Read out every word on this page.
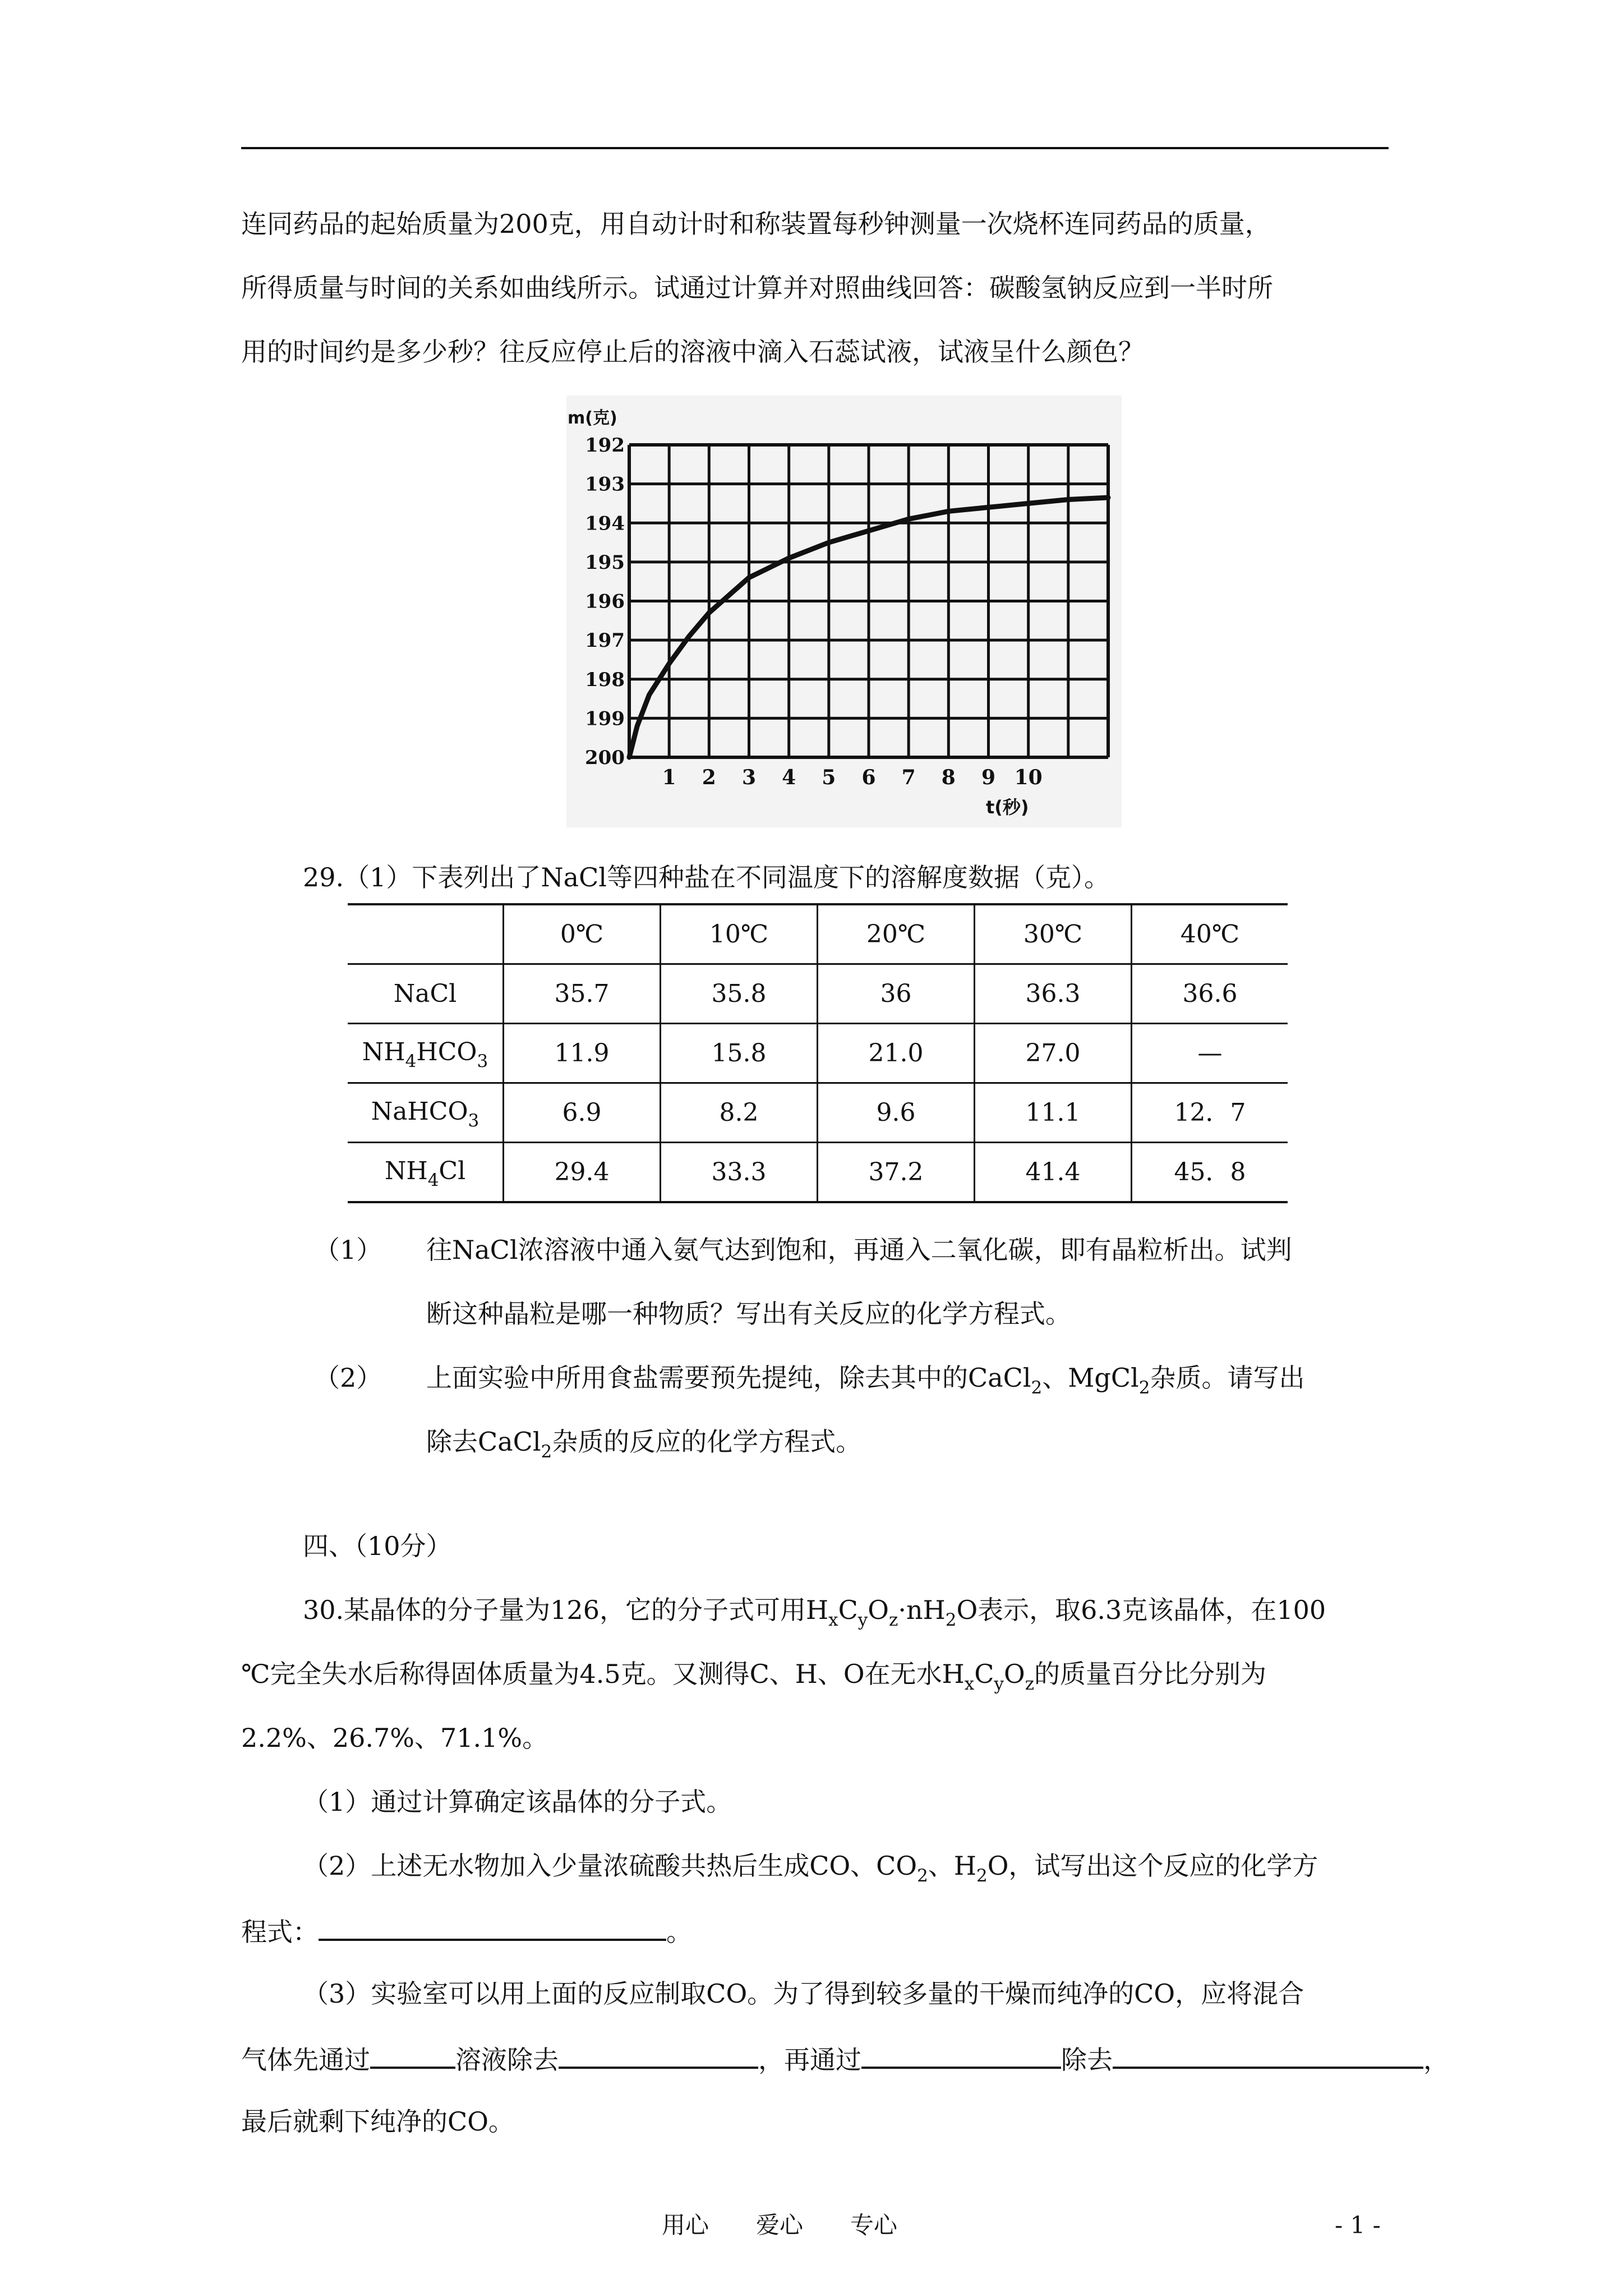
连同药品的起始质量为200克，用自动计时和称装置每秒钟测量一次烧杯连同药品的质量，
所得质量与时间的关系如曲线所示。试通过计算并对照曲线回答：碳酸氢钠反应到一半时所
用的时间约是多少秒？往反应停止后的溶液中滴入石蕊试液，试液呈什么颜色？
m(克)
t(秒)
192
193
194
195
196
197
198
199
200
1 2 3 4 5 6 7 8 9 10
29.（1）下表列出了NaCl等四种盐在不同温度下的溶解度数据（克）。
	0℃	10℃	20℃	30℃	40℃
NaCl	35.7	35.8	36	36.3	36.6
$NH_4HCO_3$	11.9	15.8	21.0	27.0	—
NaHCO$_3$	6.9	8.2	9.6	11.1	12．7
$NH_4Cl$	29.4	33.3	37.2	41.4	45．8
（1） 往NaCl浓溶液中通入氨气达到饱和，再通入二氧化碳，即有晶粒析出。试判
断这种晶粒是哪一种物质？写出有关反应的化学方程式。
（2） 上面实验中所用食盐需要预先提纯，除去其中的CaCl$_2$、MgCl$_2$杂质。请写出
除去CaCl$_2$杂质的反应的化学方程式。
四、（10分）
30.某晶体的分子量为126，它的分子式可用$H_xC_yO_z\cdot nH_2O$表示，取6.3克该晶体，在100
℃完全失水后称得固体质量为4.5克。又测得C、H、O在无水$H_xC_yO_z$的质量百分比分别为
2.2%、26.7%、71.1%。
（1）通过计算确定该晶体的分子式。
（2）上述无水物加入少量浓硫酸共热后生成CO、$CO_2$、$H_2O$，试写出这个反应的化学方
程式：	。
（3）实验室可以用上面的反应制取CO。为了得到较多量的干燥而纯净的CO，应将混合
气体先通过	溶液除去	，再通过	除去	，
最后就剩下纯净的CO。
用心　　爱心　　专心	- 1 -
